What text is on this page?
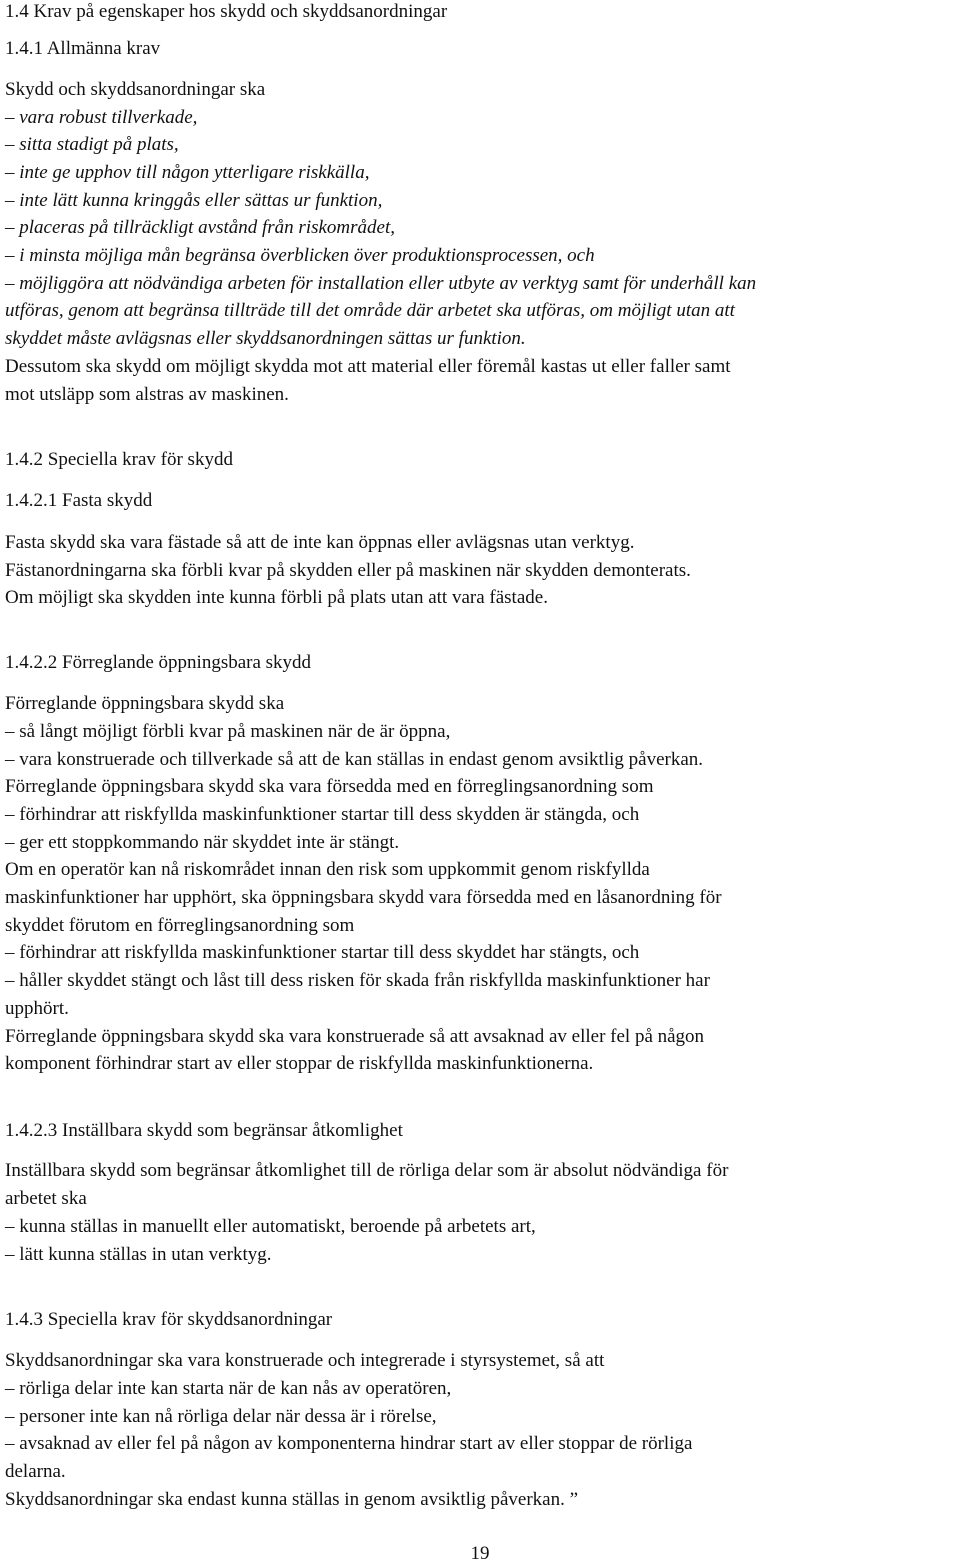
1.4 Krav på egenskaper hos skydd och skyddsanordningar
1.4.1 Allmänna krav
Skydd och skyddsanordningar ska
– vara robust tillverkade,
– sitta stadigt på plats,
– inte ge upphov till någon ytterligare riskkälla,
– inte lätt kunna kringgås eller sättas ur funktion,
– placeras på tillräckligt avstånd från riskområdet,
– i minsta möjliga mån begränsa överblicken över produktionsprocessen, och
– möjliggöra att nödvändiga arbeten för installation eller utbyte av verktyg samt för underhåll kan
utföras, genom att begränsa tillträde till det område där arbetet ska utföras, om möjligt utan att
skyddet måste avlägsnas eller skyddsanordningen sättas ur funktion.
Dessutom ska skydd om möjligt skydda mot att material eller föremål kastas ut eller faller samt
mot utsläpp som alstras av maskinen.
1.4.2 Speciella krav för skydd
1.4.2.1 Fasta skydd
Fasta skydd ska vara fästade så att de inte kan öppnas eller avlägsnas utan verktyg.
Fästanordningarna ska förbli kvar på skydden eller på maskinen när skydden demonterats.
Om möjligt ska skydden inte kunna förbli på plats utan att vara fästade.
1.4.2.2 Förreglande öppningsbara skydd
Förreglande öppningsbara skydd ska
– så långt möjligt förbli kvar på maskinen när de är öppna,
– vara konstruerade och tillverkade så att de kan ställas in endast genom avsiktlig påverkan.
Förreglande öppningsbara skydd ska vara försedda med en förreglingsanordning som
– förhindrar att riskfyllda maskinfunktioner startar till dess skydden är stängda, och
– ger ett stoppkommando när skyddet inte är stängt.
Om en operatör kan nå riskområdet innan den risk som uppkommit genom riskfyllda
maskinfunktioner har upphört, ska öppningsbara skydd vara försedda med en låsanordning för
skyddet förutom en förreglingsanordning som
– förhindrar att riskfyllda maskinfunktioner startar till dess skyddet har stängts, och
– håller skyddet stängt och låst till dess risken för skada från riskfyllda maskinfunktioner har
upphört.
Förreglande öppningsbara skydd ska vara konstruerade så att avsaknad av eller fel på någon
komponent förhindrar start av eller stoppar de riskfyllda maskinfunktionerna.
1.4.2.3 Inställbara skydd som begränsar åtkomlighet
Inställbara skydd som begränsar åtkomlighet till de rörliga delar som är absolut nödvändiga för
arbetet ska
– kunna ställas in manuellt eller automatiskt, beroende på arbetets art,
– lätt kunna ställas in utan verktyg.
1.4.3 Speciella krav för skyddsanordningar
Skyddsanordningar ska vara konstruerade och integrerade i styrsystemet, så att
– rörliga delar inte kan starta när de kan nås av operatören,
– personer inte kan nå rörliga delar när dessa är i rörelse,
– avsaknad av eller fel på någon av komponenterna hindrar start av eller stoppar de rörliga
delarna.
Skyddsanordningar ska endast kunna ställas in genom avsiktlig påverkan. ”
19
